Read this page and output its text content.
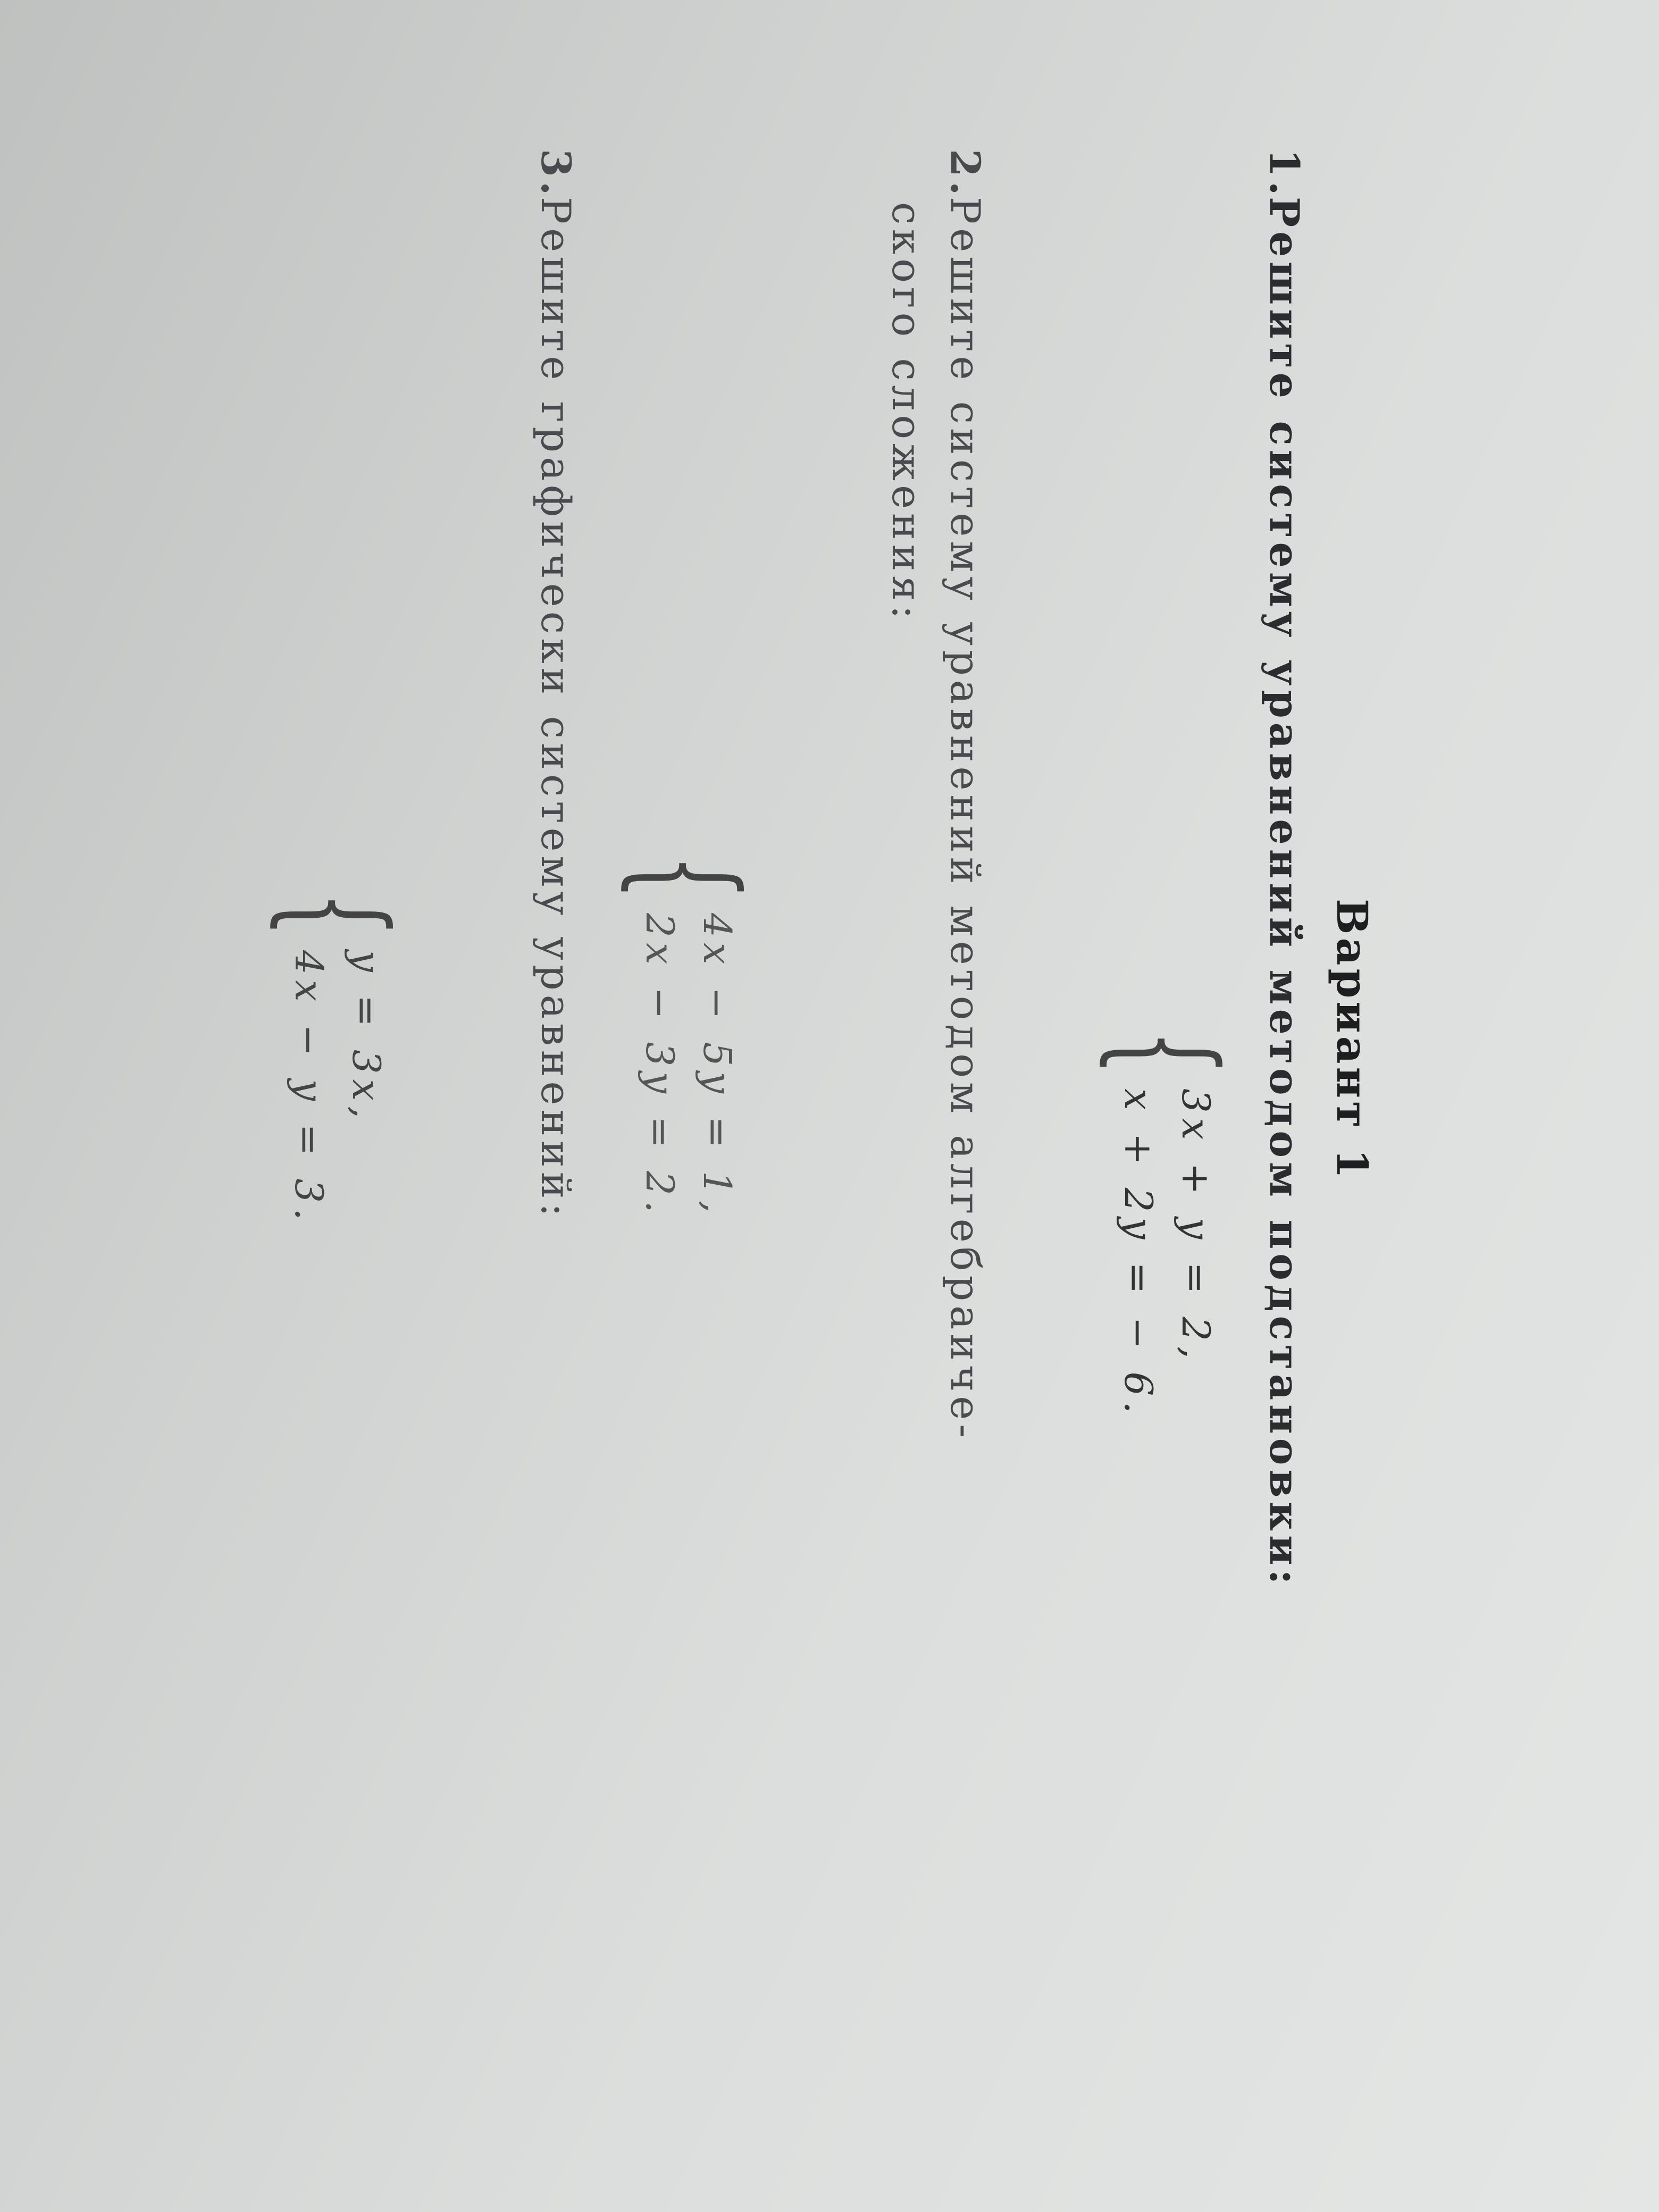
Вариант 1
1.Решите систему уравнений методом подстановки:
{
3x + y = 2,
x + 2y = − 6.
2.Решите систему уравнений методом алгебраиче-
ского сложения:
{
4x − 5y = 1,
2x − 3y = 2.
3.Решите графически систему уравнений:
{
y = 3x,
4x − y = 3.
